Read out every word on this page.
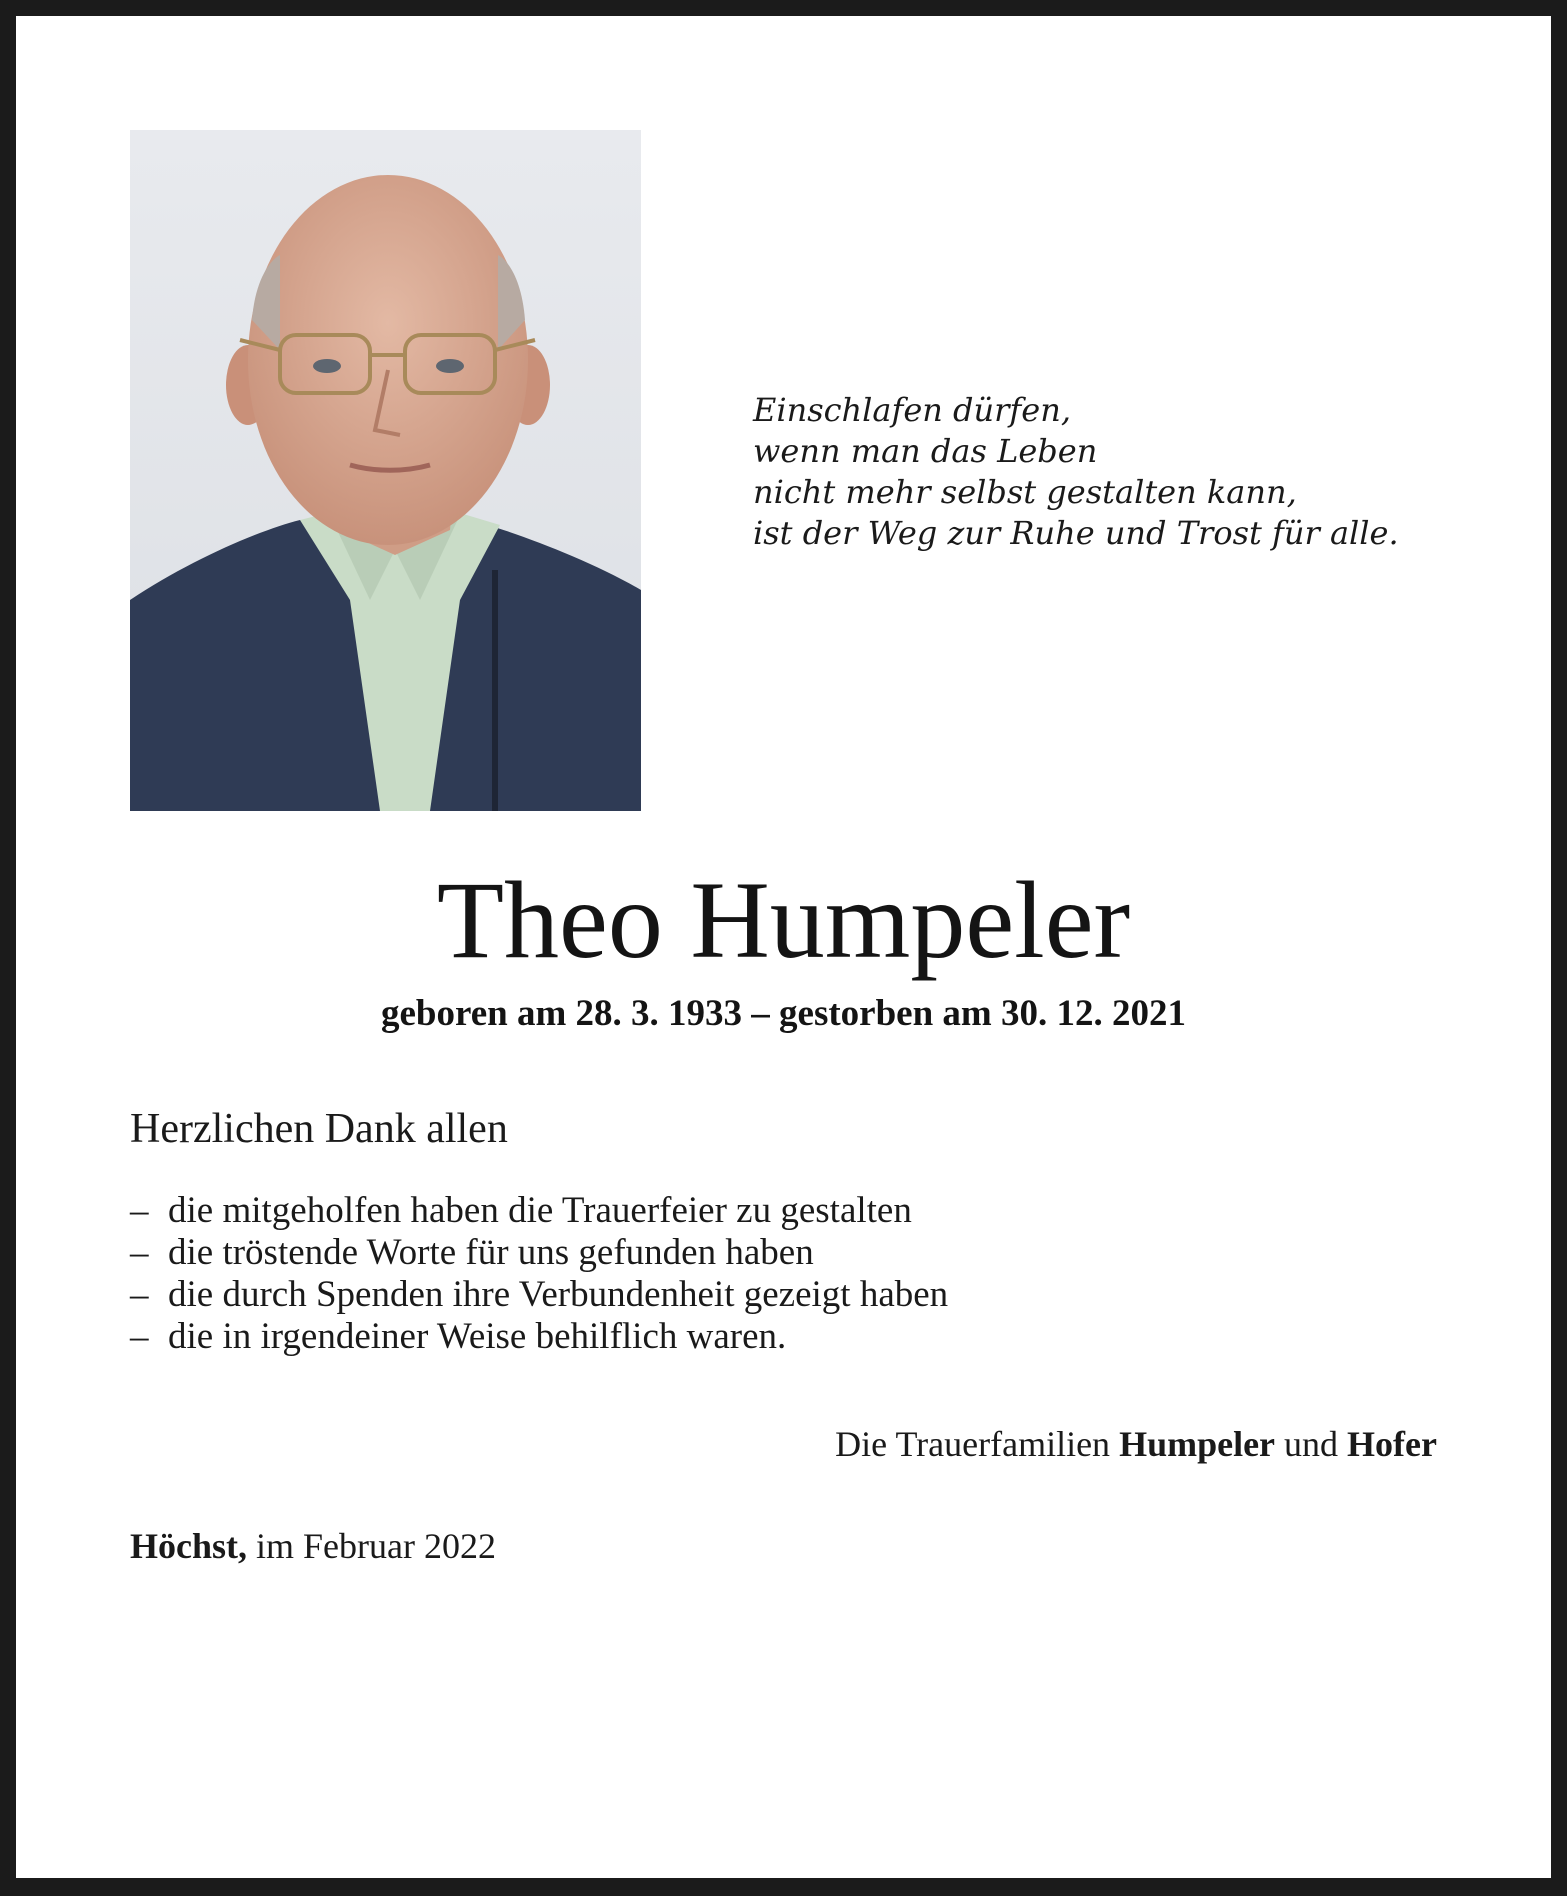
Einschlafen dürfen,
wenn man das Leben
nicht mehr selbst gestalten kann,
ist der Weg zur Ruhe und Trost für alle.
Theo Humpeler
geboren am 28. 3. 1933 – gestorben am 30. 12. 2021
Herzlichen Dank allen
– die mitgeholfen haben die Trauerfeier zu gestalten
– die tröstende Worte für uns gefunden haben
– die durch Spenden ihre Verbundenheit gezeigt haben
– die in irgendeiner Weise behilflich waren.
Die Trauerfamilien Humpeler und Hofer
Höchst, im Februar 2022
